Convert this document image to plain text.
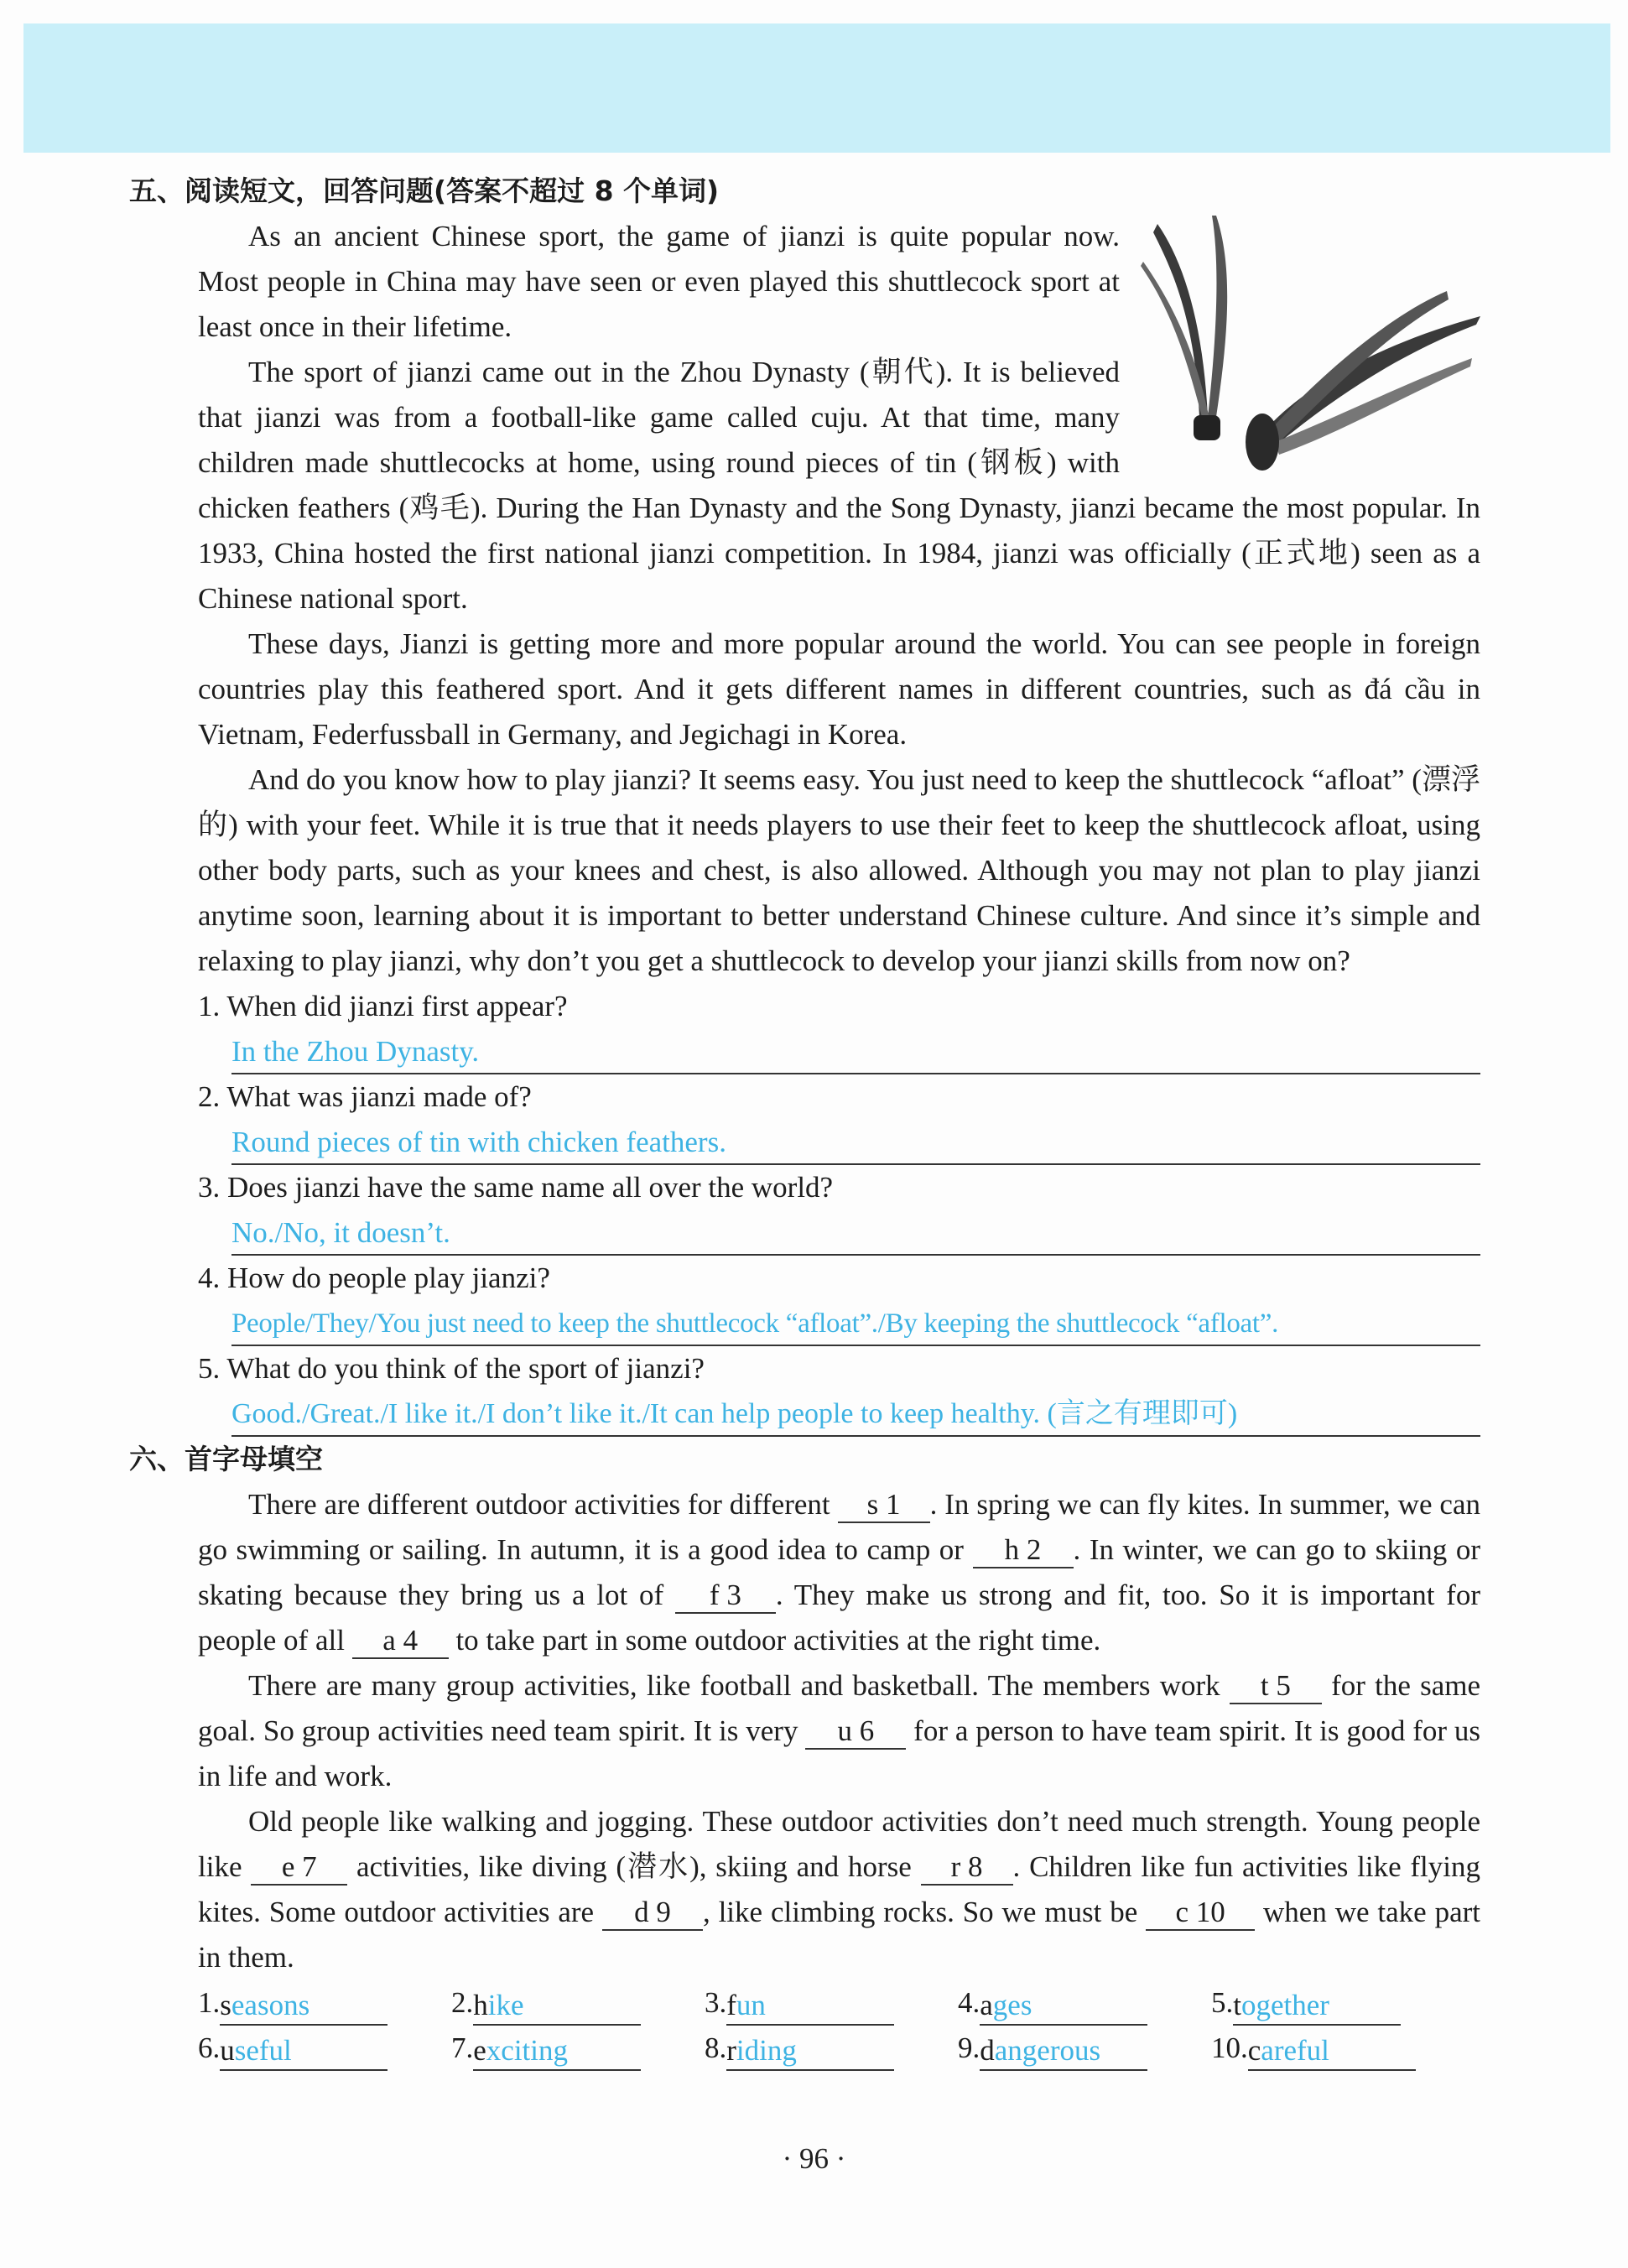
五、阅读短文，回答问题(答案不超过 8 个单词)

As an ancient Chinese sport, the game of jianzi is quite popular now. Most people in China may have seen or even played this shuttlecock sport at least once in their lifetime.

The sport of jianzi came out in the Zhou Dynasty (朝代). It is believed that jianzi was from a football-like game called cuju. At that time, many children made shuttlecocks at home, using round pieces of tin (钢板) with chicken feathers (鸡毛). During the Han Dynasty and the Song Dynasty, jianzi became the most popular. In 1933, China hosted the first national jianzi competition. In 1984, jianzi was officially (正式地) seen as a Chinese national sport.

These days, Jianzi is getting more and more popular around the world. You can see people in foreign countries play this feathered sport. And it gets different names in different countries, such as đá cầu in Vietnam, Federfussball in Germany, and Jegichagi in Korea.

And do you know how to play jianzi? It seems easy. You just need to keep the shuttlecock “afloat” (漂浮的) with your feet. While it is true that it needs players to use their feet to keep the shuttlecock afloat, using other body parts, such as your knees and chest, is also allowed. Although you may not plan to play jianzi anytime soon, learning about it is important to better understand Chinese culture. And since it’s simple and relaxing to play jianzi, why don’t you get a shuttlecock to develop your jianzi skills from now on?

1. When did jianzi first appear?
In the Zhou Dynasty.
2. What was jianzi made of?
Round pieces of tin with chicken feathers.
3. Does jianzi have the same name all over the world?
No./No, it doesn’t.
4. How do people play jianzi?
People/They/You just need to keep the shuttlecock “afloat”./By keeping the shuttlecock “afloat”.
5. What do you think of the sport of jianzi?
Good./Great./I like it./I don’t like it./It can help people to keep healthy. (言之有理即可)
六、首字母填空

There are different outdoor activities for different s 1 . In spring we can fly kites. In summer, we can go swimming or sailing. In autumn, it is a good idea to camp or h 2 . In winter, we can go to skiing or skating because they bring us a lot of f 3 . They make us strong and fit, too. So it is important for people of all a 4 to take part in some outdoor activities at the right time.

There are many group activities, like football and basketball. The members work t 5 for the same goal. So group activities need team spirit. It is very u 6 for a person to have team spirit. It is good for us in life and work.

Old people like walking and jogging. These outdoor activities don’t need much strength. Young people like e 7 activities, like diving (潜水), skiing and horse r 8 . Children like fun activities like flying kites. Some outdoor activities are d 9 , like climbing rocks. So we must be c 10 when we take part in them.

1. seasons	2. hike	3. fun	4. ages	5. together
6. useful	7. exciting	8. riding	9. dangerous	10. careful
· 96 ·
